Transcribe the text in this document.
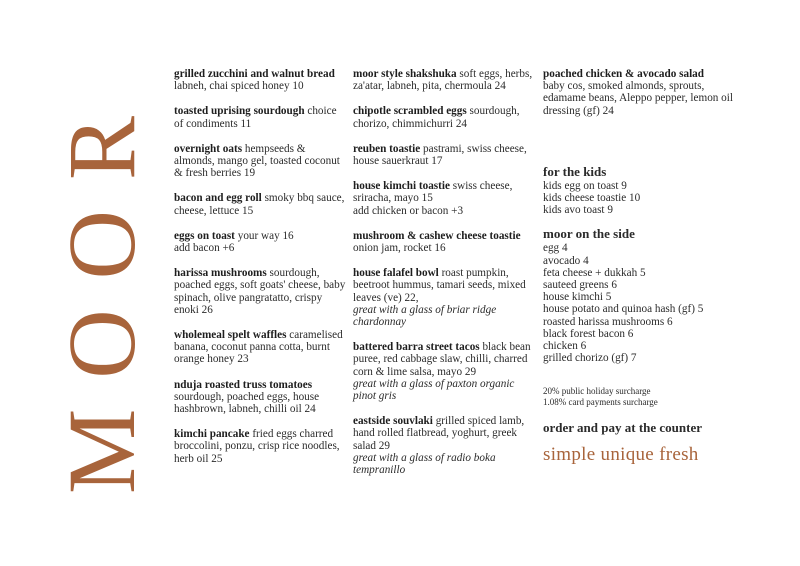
MOOR
grilled zucchini and walnut bread labneh, chai spiced honey 10
toasted uprising sourdough choice of condiments 11
overnight oats hempseeds & almonds, mango gel, toasted coconut & fresh berries 19
bacon and egg roll smoky bbq sauce, cheese, lettuce 15
eggs on toast your way 16
add bacon +6
harissa mushrooms sourdough, poached eggs, soft goats' cheese, baby spinach, olive pangratatto, crispy enoki 26
wholemeal spelt waffles caramelised banana, coconut panna cotta, burnt orange honey 23
nduja roasted truss tomatoes sourdough, poached eggs, house hashbrown, labneh, chilli oil 24
kimchi pancake fried eggs charred broccolini, ponzu, crisp rice noodles, herb oil 25
moor style shakshuka soft eggs, herbs, za'atar, labneh, pita, chermoula 24
chipotle scrambled eggs sourdough, chorizo, chimmichurri 24
reuben toastie pastrami, swiss cheese, house sauerkraut 17
house kimchi toastie swiss cheese, sriracha, mayo 15
add chicken or bacon +3
mushroom & cashew cheese toastie onion jam, rocket 16
house falafel bowl roast pumpkin, beetroot hummus, tamari seeds, mixed leaves (ve) 22,
great with a glass of briar ridge chardonnay
battered barra street tacos black bean puree, red cabbage slaw, chilli, charred corn & lime salsa, mayo 29
great with a glass of paxton organic pinot gris
eastside souvlaki grilled spiced lamb, hand rolled flatbread, yoghurt, greek salad 29
great with a glass of radio boka tempranillo
poached chicken & avocado salad
baby cos, smoked almonds, sprouts, edamame beans, Aleppo pepper, lemon oil dressing (gf) 24
for the kids
kids egg on toast 9
kids cheese toastie 10
kids avo toast 9
moor on the side
egg 4
avocado 4
feta cheese + dukkah 5
sauteed greens 6
house kimchi 5
house potato and quinoa hash (gf) 5
roasted harissa mushrooms 6
black forest bacon 6
chicken 6
grilled chorizo (gf) 7
20% public holiday surcharge
1.08% card payments surcharge
order and pay at the counter
simple unique fresh
